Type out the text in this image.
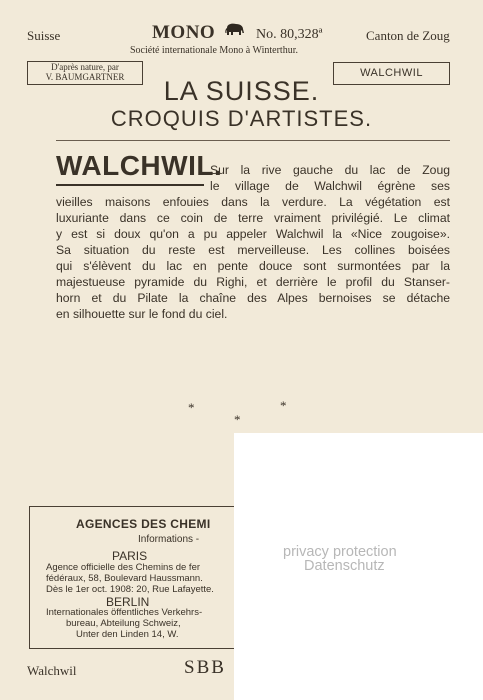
Suisse	MONO	No. 80,328ª	Canton de Zoug
Société internationale Mono à Winterthur.
D'après nature, par
V. BAUMGARTNER	WALCHWIL
LA SUISSE.
CROQUIS D'ARTISTES.
WALCHWIL.
Sur la rive gauche du lac de Zoug
le village de Walchwil égrène ses
vieilles maisons enfouies dans la verdure. La végétation est
luxuriante dans ce coin de terre vraiment privilégié. Le climat
y est si doux qu'on a pu appeler Walchwil la «Nice zougoise».
Sa situation du reste est merveilleuse. Les collines boisées
qui s'élèvent du lac en pente douce sont surmontées par la
majestueuse pyramide du Righi, et derrière le profil du Stanser-
horn et du Pilate la chaîne des Alpes bernoises se détache
en silhouette sur le fond du ciel.
*	*
*
AGENCES DES CHEMI
Informations -
PARIS
Agence officielle des Chemins de fer
fédéraux, 58, Boulevard Haussmann.
Dès le 1er oct. 1908: 20, Rue Lafayette.
BERLIN
Internationales öffentliches Verkehrs-
bureau, Abteilung Schweiz,
Unter den Linden 14, W.
Walchwil	SBB
privacy protection
Datenschutz
